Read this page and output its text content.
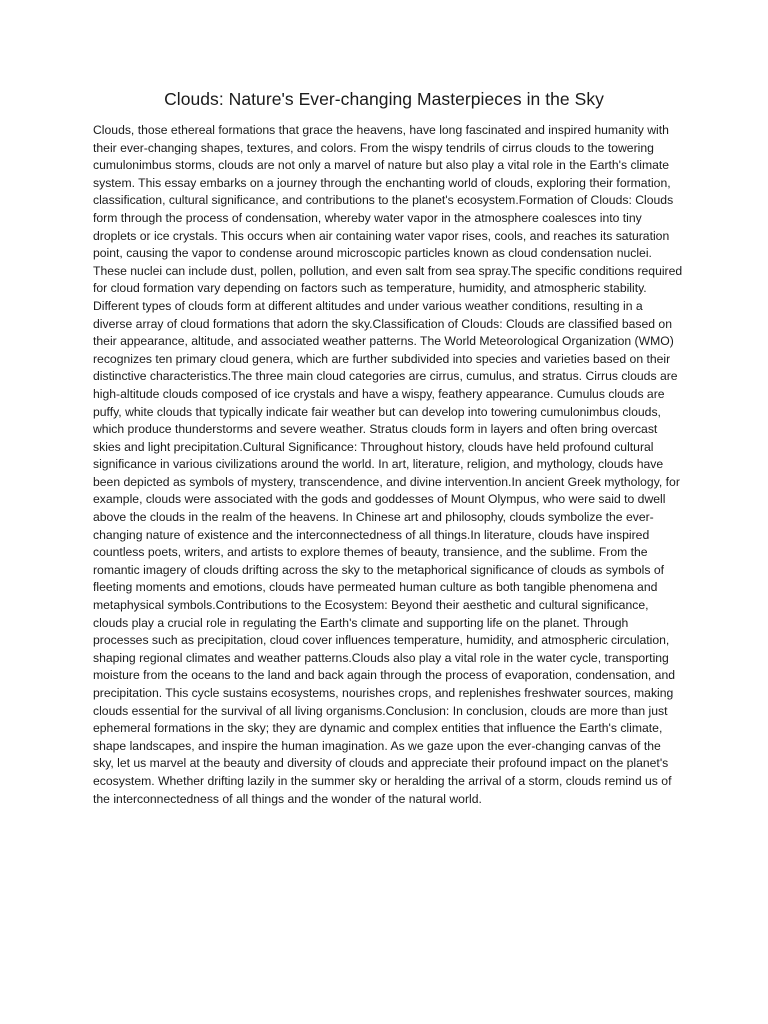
Clouds: Nature's Ever-changing Masterpieces in the Sky
Clouds, those ethereal formations that grace the heavens, have long fascinated and inspired humanity with their ever-changing shapes, textures, and colors. From the wispy tendrils of cirrus clouds to the towering cumulonimbus storms, clouds are not only a marvel of nature but also play a vital role in the Earth's climate system. This essay embarks on a journey through the enchanting world of clouds, exploring their formation, classification, cultural significance, and contributions to the planet's ecosystem.Formation of Clouds: Clouds form through the process of condensation, whereby water vapor in the atmosphere coalesces into tiny droplets or ice crystals. This occurs when air containing water vapor rises, cools, and reaches its saturation point, causing the vapor to condense around microscopic particles known as cloud condensation nuclei. These nuclei can include dust, pollen, pollution, and even salt from sea spray.The specific conditions required for cloud formation vary depending on factors such as temperature, humidity, and atmospheric stability. Different types of clouds form at different altitudes and under various weather conditions, resulting in a diverse array of cloud formations that adorn the sky.Classification of Clouds: Clouds are classified based on their appearance, altitude, and associated weather patterns. The World Meteorological Organization (WMO) recognizes ten primary cloud genera, which are further subdivided into species and varieties based on their distinctive characteristics.The three main cloud categories are cirrus, cumulus, and stratus. Cirrus clouds are high-altitude clouds composed of ice crystals and have a wispy, feathery appearance. Cumulus clouds are puffy, white clouds that typically indicate fair weather but can develop into towering cumulonimbus clouds, which produce thunderstorms and severe weather. Stratus clouds form in layers and often bring overcast skies and light precipitation.Cultural Significance: Throughout history, clouds have held profound cultural significance in various civilizations around the world. In art, literature, religion, and mythology, clouds have been depicted as symbols of mystery, transcendence, and divine intervention.In ancient Greek mythology, for example, clouds were associated with the gods and goddesses of Mount Olympus, who were said to dwell above the clouds in the realm of the heavens. In Chinese art and philosophy, clouds symbolize the ever-changing nature of existence and the interconnectedness of all things.In literature, clouds have inspired countless poets, writers, and artists to explore themes of beauty, transience, and the sublime. From the romantic imagery of clouds drifting across the sky to the metaphorical significance of clouds as symbols of fleeting moments and emotions, clouds have permeated human culture as both tangible phenomena and metaphysical symbols.Contributions to the Ecosystem: Beyond their aesthetic and cultural significance, clouds play a crucial role in regulating the Earth's climate and supporting life on the planet. Through processes such as precipitation, cloud cover influences temperature, humidity, and atmospheric circulation, shaping regional climates and weather patterns.Clouds also play a vital role in the water cycle, transporting moisture from the oceans to the land and back again through the process of evaporation, condensation, and precipitation. This cycle sustains ecosystems, nourishes crops, and replenishes freshwater sources, making clouds essential for the survival of all living organisms.Conclusion: In conclusion, clouds are more than just ephemeral formations in the sky; they are dynamic and complex entities that influence the Earth's climate, shape landscapes, and inspire the human imagination. As we gaze upon the ever-changing canvas of the sky, let us marvel at the beauty and diversity of clouds and appreciate their profound impact on the planet's ecosystem. Whether drifting lazily in the summer sky or heralding the arrival of a storm, clouds remind us of the interconnectedness of all things and the wonder of the natural world.
